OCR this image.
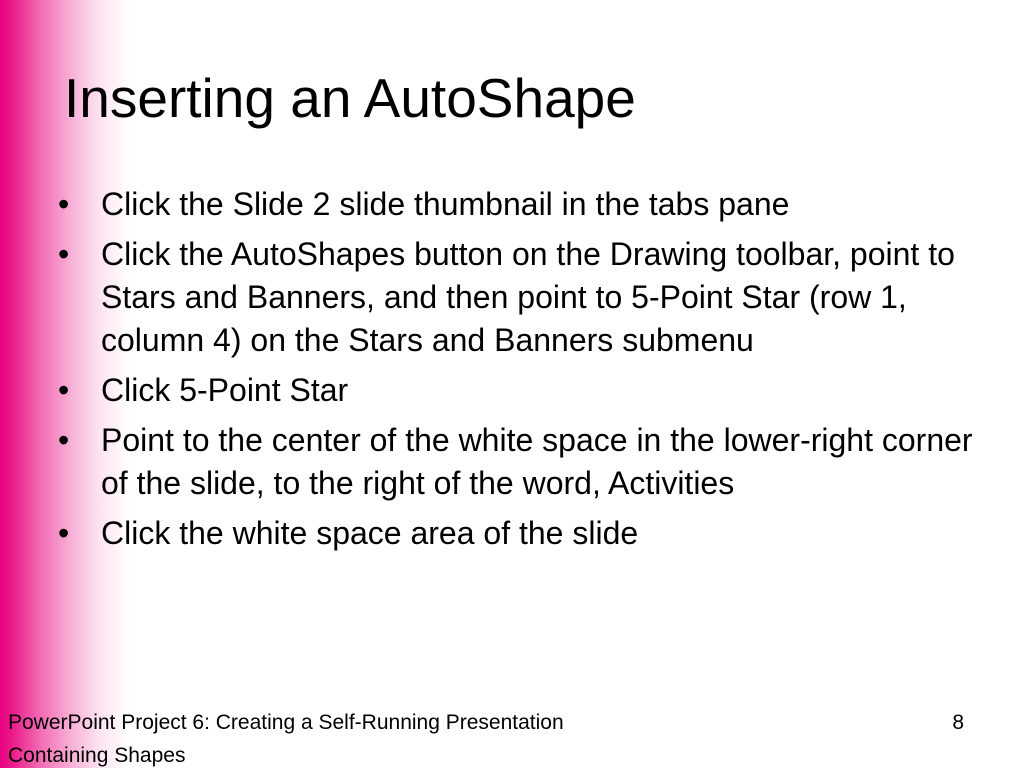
Inserting an AutoShape
• Click the Slide 2 slide thumbnail in the tabs pane
• Click the AutoShapes button on the Drawing toolbar, point to Stars and Banners, and then point to 5-Point Star (row 1, column 4) on the Stars and Banners submenu
• Click 5-Point Star
• Point to the center of the white space in the lower-right corner of the slide, to the right of the word, Activities
• Click the white space area of the slide
PowerPoint Project 6: Creating a Self-Running Presentation
Containing Shapes
8
